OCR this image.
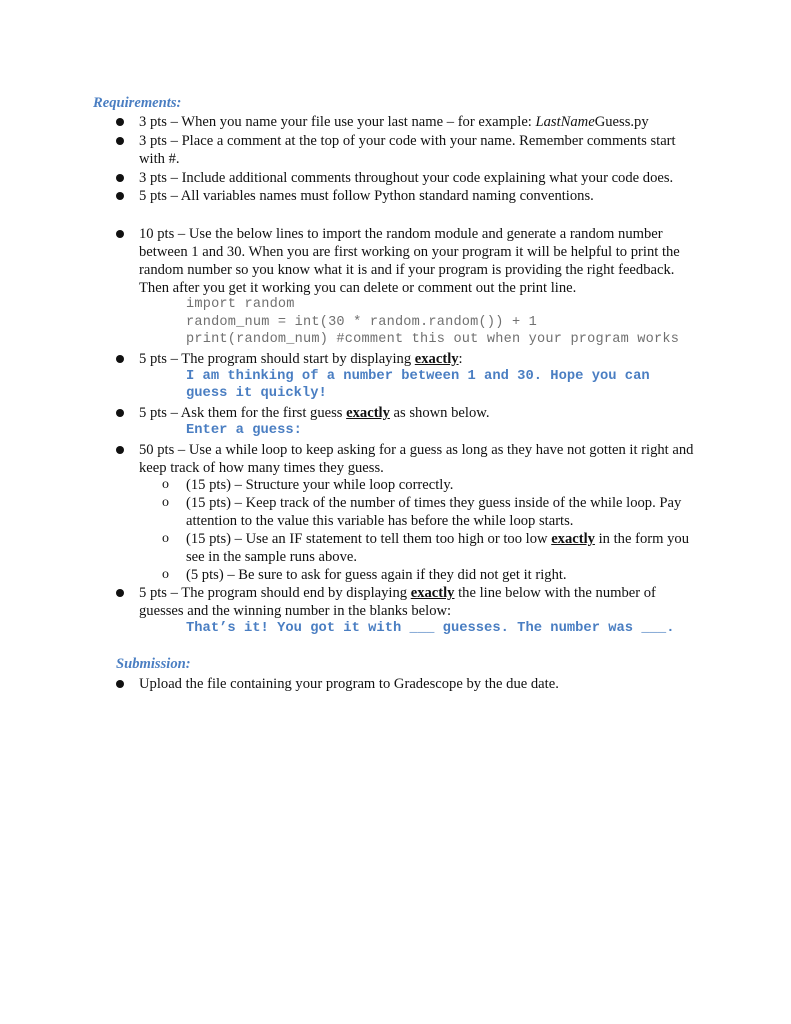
Requirements:
3 pts – When you name your file use your last name – for example: LastNameGuess.py
3 pts – Place a comment at the top of your code with your name. Remember comments start
with #.
3 pts – Include additional comments throughout your code explaining what your code does.
5 pts – All variables names must follow Python standard naming conventions.
10 pts – Use the below lines to import the random module and generate a random number
between 1 and 30. When you are first working on your program it will be helpful to print the
random number so you know what it is and if your program is providing the right feedback.
Then after you get it working you can delete or comment out the print line.
import random
random_num = int(30 * random.random()) + 1
print(random_num) #comment this out when your program works
5 pts – The program should start by displaying exactly:
I am thinking of a number between 1 and 30. Hope you can
guess it quickly!
5 pts – Ask them for the first guess exactly as shown below.
Enter a guess:
50 pts – Use a while loop to keep asking for a guess as long as they have not gotten it right and
keep track of how many times they guess.
o (15 pts) – Structure your while loop correctly.
o (15 pts) – Keep track of the number of times they guess inside of the while loop. Pay
attention to the value this variable has before the while loop starts.
o (15 pts) – Use an IF statement to tell them too high or too low exactly in the form you
see in the sample runs above.
o (5 pts) – Be sure to ask for guess again if they did not get it right.
5 pts – The program should end by displaying exactly the line below with the number of
guesses and the winning number in the blanks below:
That’s it! You got it with ___ guesses. The number was ___.
Submission:
Upload the file containing your program to Gradescope by the due date.
